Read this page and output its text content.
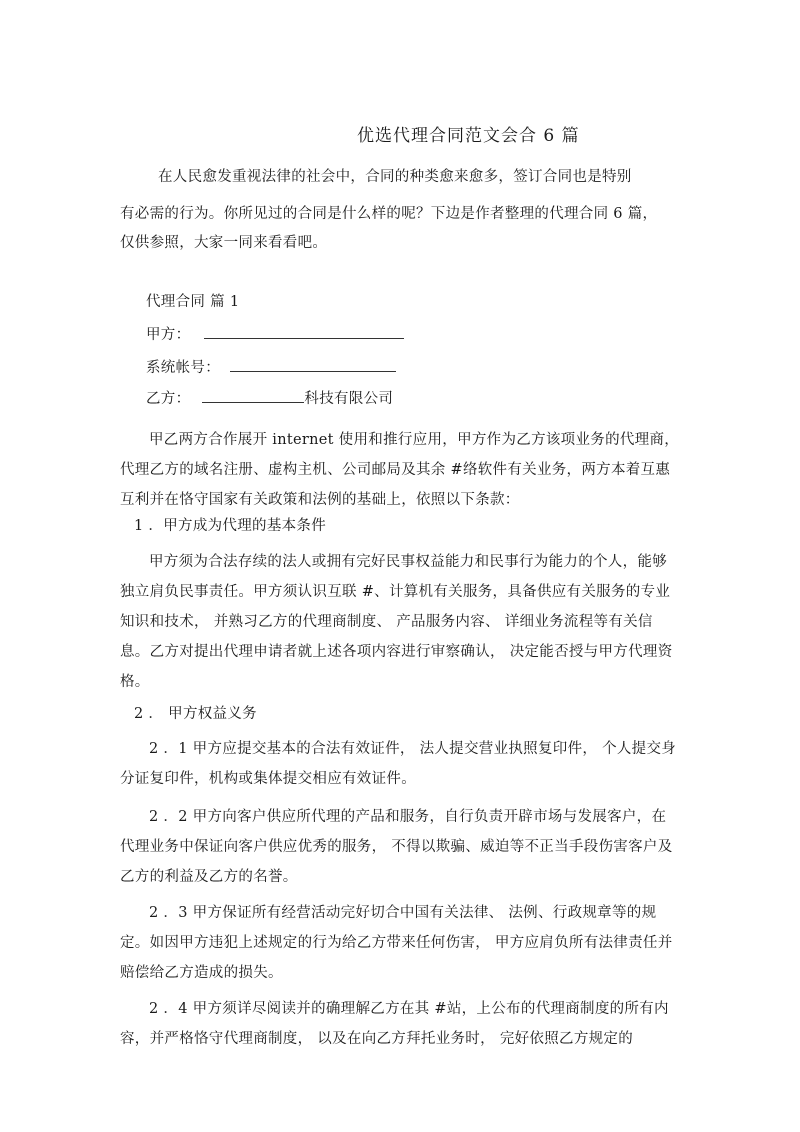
优选代理合同范文会合 6 篇
在人民愈发重视法律的社会中，合同的种类愈来愈多，签订合同也是特别
有必需的行为。你所见过的合同是什么样的呢？下边是作者整理的代理合同 6 篇，
仅供参照，大家一同来看看吧。
代理合同 篇 1
甲方：
系统帐号：
乙方：	科技有限公司
甲乙两方合作展开 internet 使用和推行应用，甲方作为乙方该项业务的代理商，代理乙方的域名注册、虚构主机、公司邮局及其余 #络软件有关业务，两方本着互惠互利并在恪守国家有关政策和法例的基础上，依照以下条款：
1 ．甲方成为代理的基本条件
甲方须为合法存续的法人或拥有完好民事权益能力和民事行为能力的个人，能够独立肩负民事责任。甲方须认识互联 #、计算机有关服务，具备供应有关服务的专业知识和技术， 并熟习乙方的代理商制度、 产品服务内容、 详细业务流程等有关信息。乙方对提出代理申请者就上述各项内容进行审察确认， 决定能否授与甲方代理资格。
2 ． 甲方权益义务
2 ．1 甲方应提交基本的合法有效证件， 法人提交营业执照复印件， 个人提交身分证复印件，机构或集体提交相应有效证件。
2 ．2 甲方向客户供应所代理的产品和服务，自行负责开辟市场与发展客户，在代理业务中保证向客户供应优秀的服务， 不得以欺骗、威迫等不正当手段伤害客户及乙方的利益及乙方的名誉。
2 ．3 甲方保证所有经营活动完好切合中国有关法律、 法例、行政规章等的规定。如因甲方违犯上述规定的行为给乙方带来任何伤害， 甲方应肩负所有法律责任并赔偿给乙方造成的损失。
2 ．4 甲方须详尽阅读并的确理解乙方在其 #站，上公布的代理商制度的所有内容，并严格恪守代理商制度， 以及在向乙方拜托业务时， 完好依照乙方规定的
